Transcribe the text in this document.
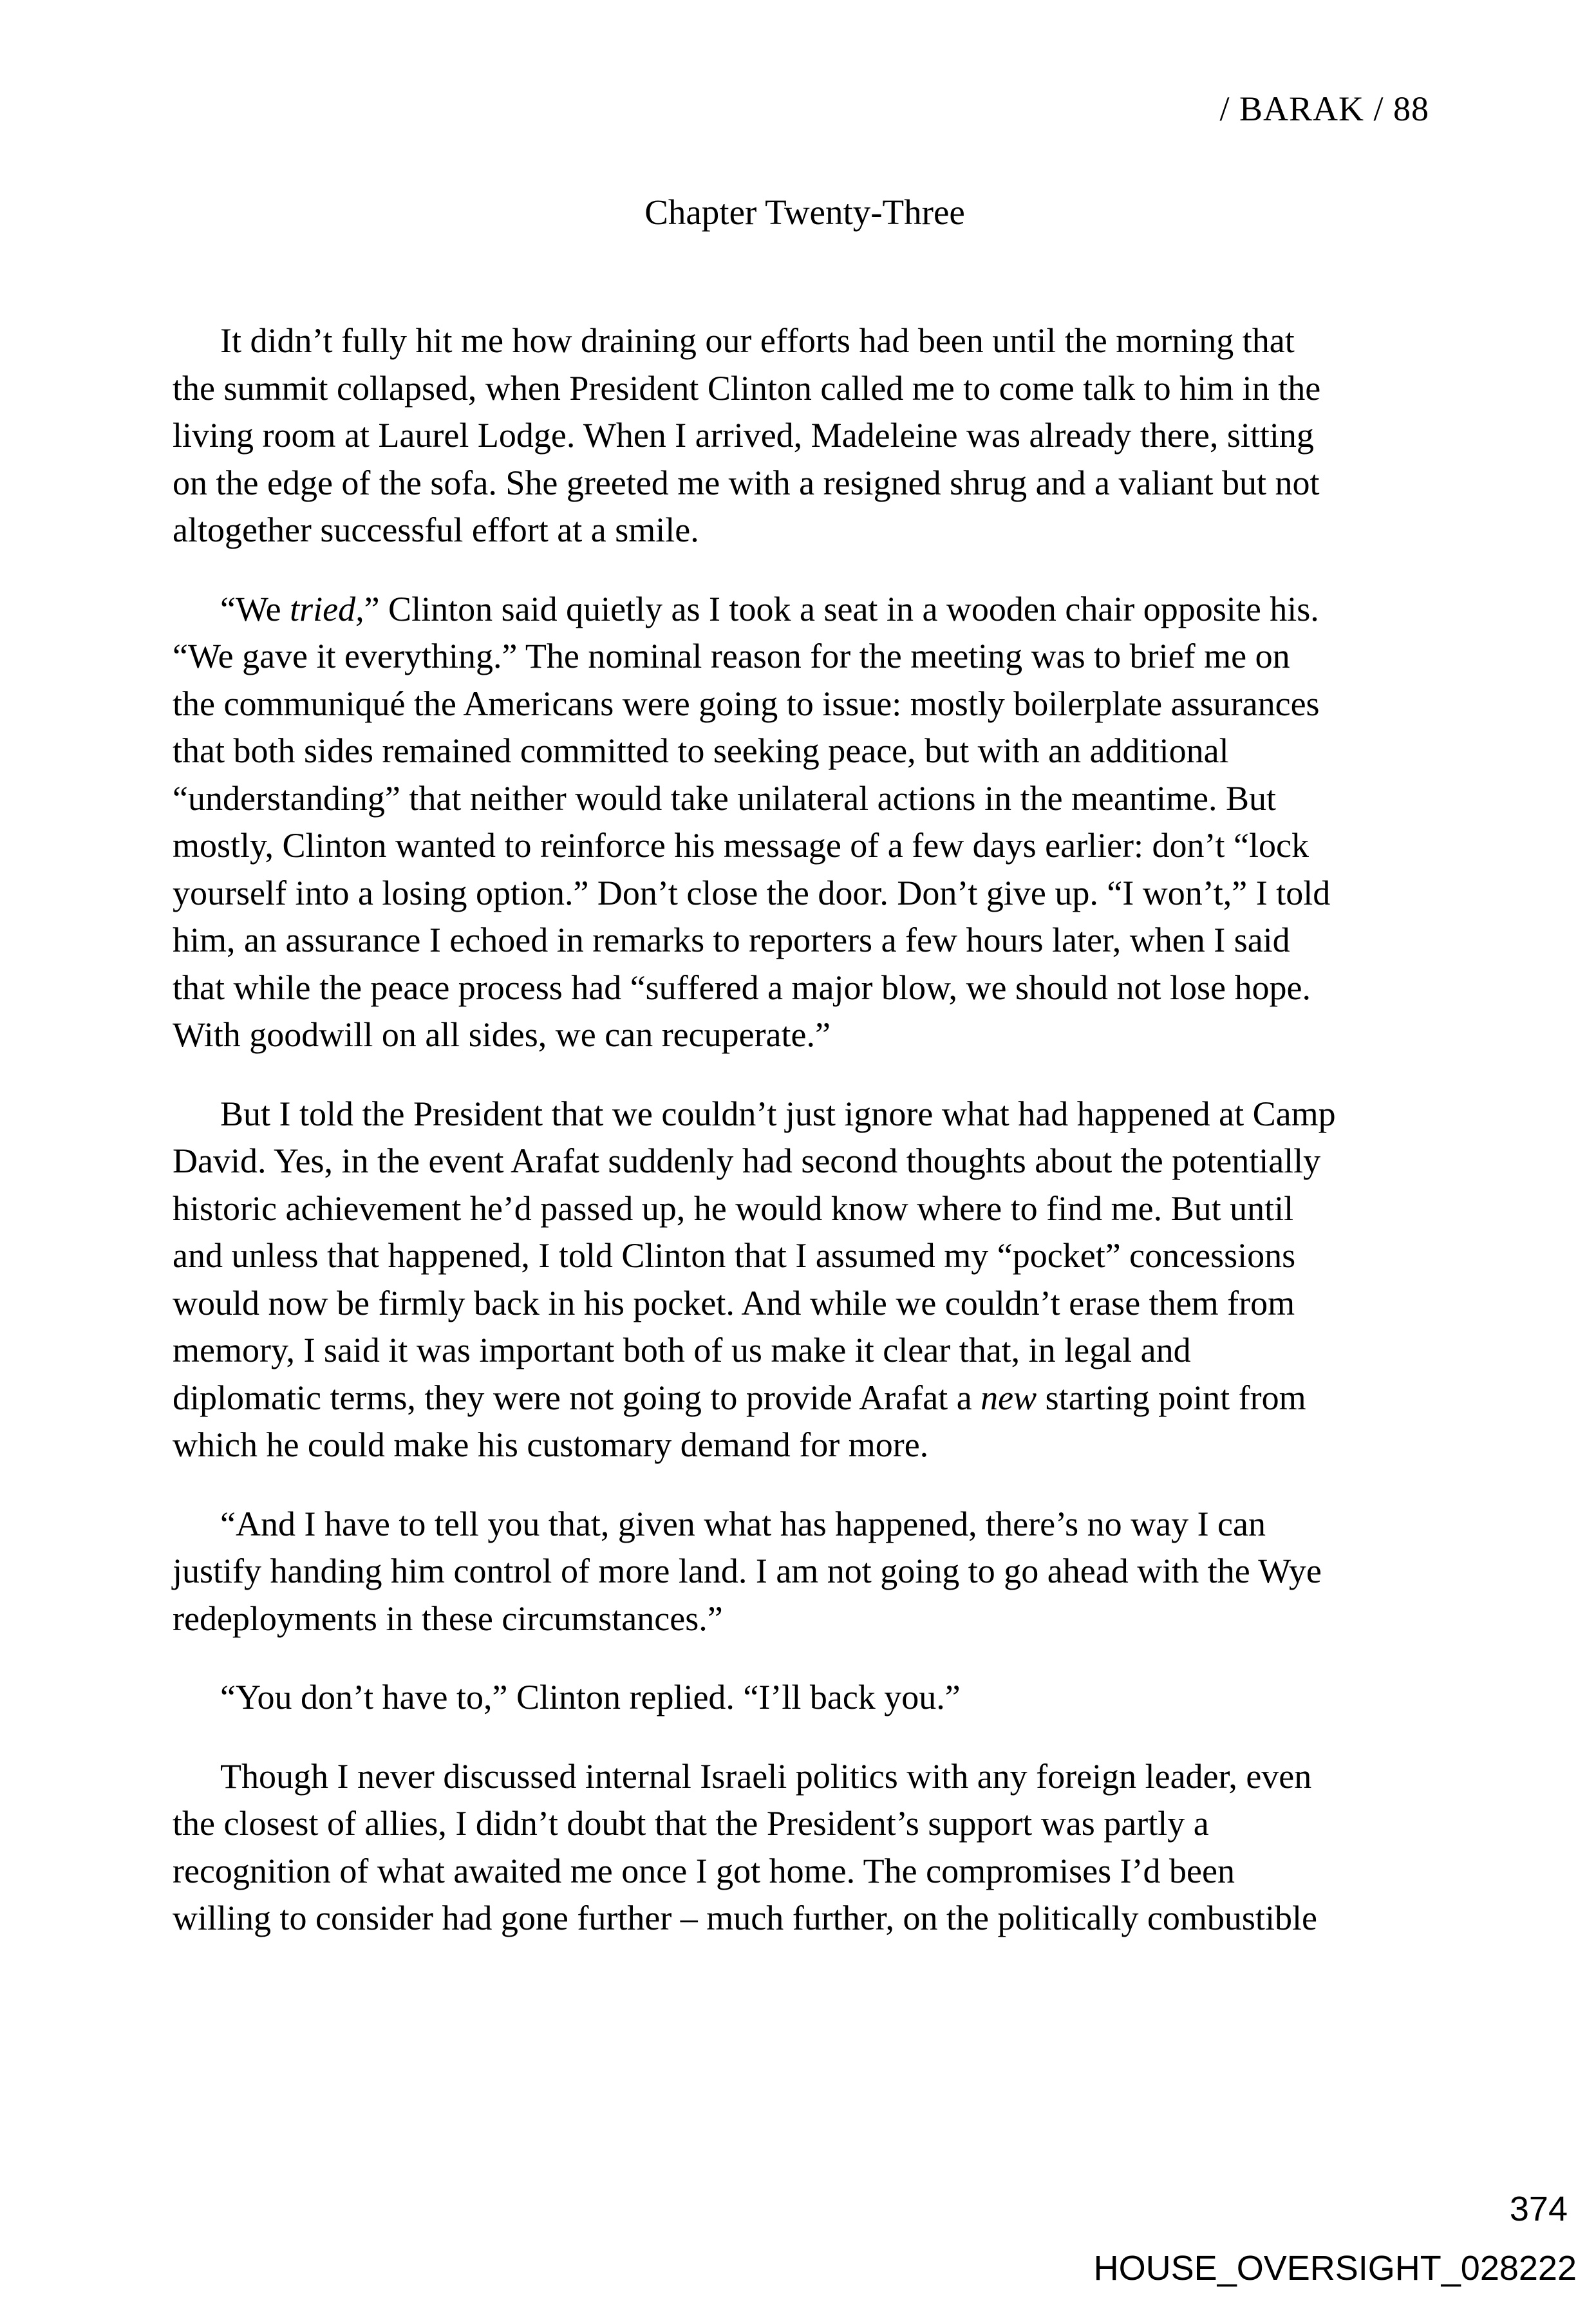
/ BARAK / 88
Chapter Twenty-Three

It didn’t fully hit me how draining our efforts had been until the morning that
the summit collapsed, when President Clinton called me to come talk to him in the
living room at Laurel Lodge. When I arrived, Madeleine was already there, sitting
on the edge of the sofa. She greeted me with a resigned shrug and a valiant but not
altogether successful effort at a smile.

“We tried,” Clinton said quietly as I took a seat in a wooden chair opposite his.
“We gave it everything.” The nominal reason for the meeting was to brief me on
the communiqué the Americans were going to issue: mostly boilerplate assurances
that both sides remained committed to seeking peace, but with an additional
“understanding” that neither would take unilateral actions in the meantime. But
mostly, Clinton wanted to reinforce his message of a few days earlier: don’t “lock
yourself into a losing option.” Don’t close the door. Don’t give up. “I won’t,” I told
him, an assurance I echoed in remarks to reporters a few hours later, when I said
that while the peace process had “suffered a major blow, we should not lose hope.
With goodwill on all sides, we can recuperate.”

But I told the President that we couldn’t just ignore what had happened at Camp
David. Yes, in the event Arafat suddenly had second thoughts about the potentially
historic achievement he’d passed up, he would know where to find me. But until
and unless that happened, I told Clinton that I assumed my “pocket” concessions
would now be firmly back in his pocket. And while we couldn’t erase them from
memory, I said it was important both of us make it clear that, in legal and
diplomatic terms, they were not going to provide Arafat a new starting point from
which he could make his customary demand for more.

“And I have to tell you that, given what has happened, there’s no way I can
justify handing him control of more land. I am not going to go ahead with the Wye
redeployments in these circumstances.”

“You don’t have to,” Clinton replied. “I’ll back you.”

Though I never discussed internal Israeli politics with any foreign leader, even
the closest of allies, I didn’t doubt that the President’s support was partly a
recognition of what awaited me once I got home. The compromises I’d been
willing to consider had gone further – much further, on the politically combustible

374
HOUSE_OVERSIGHT_028222
